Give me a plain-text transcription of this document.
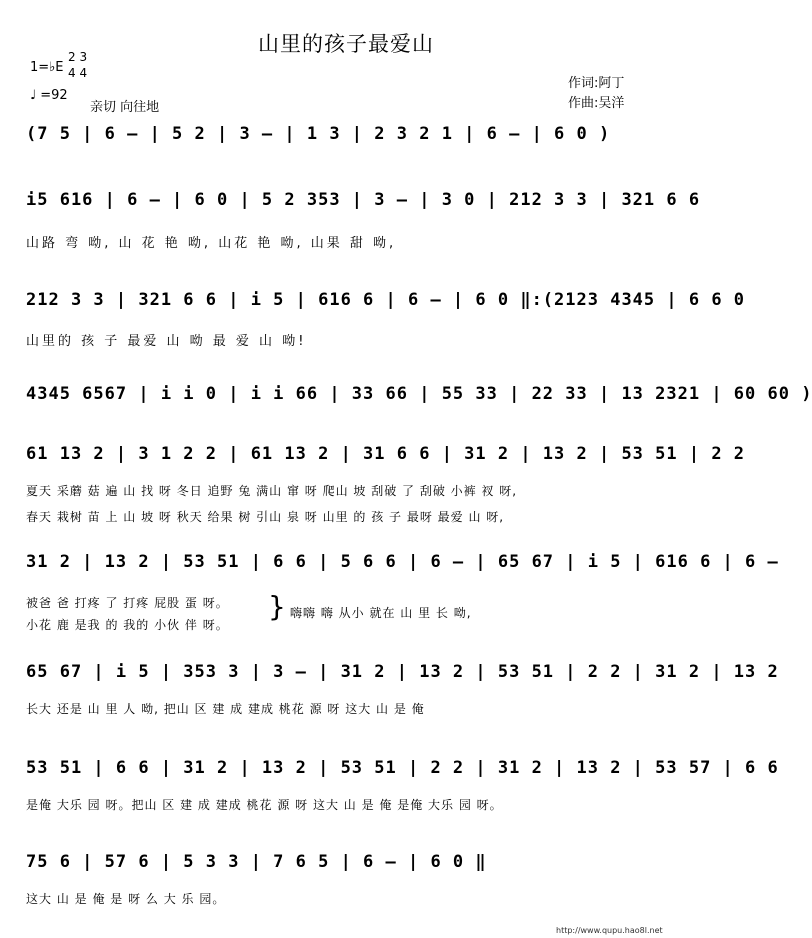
山里的孩子最爱山
1=♭E
2 3
4 4
♩ =92
亲切 向往地
作词:阿丁
作曲:吴洋
(7 5 | 6 – | 5 2 | 3 – | 1 3 | 2 3 2 1 | 6 – | 6 0 )
i5 616 | 6 – | 6 0 | 5 2 353 | 3 – | 3 0 | 212 3 3 | 321 6 6
山路 弯 呦, 山 花 艳 呦, 山花 艳 呦, 山果 甜 呦,
212 3 3 | 321 6 6 | i 5 | 616 6 | 6 – | 6 0 ‖:(2123 4345 | 6 6 0
山里的 孩 子 最爱 山 呦 最 爱 山 呦!
4345 6567 | i i 0 | i i 66 | 33 66 | 55 33 | 22 33 | 13 2321 | 60 60 )
61 13 2 | 3 1 2 2 | 61 13 2 | 31 6 6 | 31 2 | 13 2 | 53 51 | 2 2
夏天 采蘑 菇 遍 山 找 呀 冬日 追野 兔 满山 窜 呀 爬山 坡 刮破 了 刮破 小裤 衩 呀,
春天 栽树 苗 上 山 坡 呀 秋天 给果 树 引山 泉 呀 山里 的 孩 子 最呀 最爱 山 呀,
31 2 | 13 2 | 53 51 | 6 6 | 5 6 6 | 6 – | 65 67 | i 5 | 616 6 | 6 –
被爸 爸 打疼 了 打疼 屁股 蛋 呀。
小花 鹿 是我 的 我的 小伙 伴 呀。
} 嗨嗨 嗨 从小 就在 山 里 长 呦,
65 67 | i 5 | 353 3 | 3 – | 31 2 | 13 2 | 53 51 | 2 2 | 31 2 | 13 2
长大 还是 山 里 人 呦, 把山 区 建 成 建成 桃花 源 呀 这大 山 是 俺
53 51 | 6 6 | 31 2 | 13 2 | 53 51 | 2 2 | 31 2 | 13 2 | 53 57 | 6 6
是俺 大乐 园 呀。把山 区 建 成 建成 桃花 源 呀 这大 山 是 俺 是俺 大乐 园 呀。
75 6 | 57 6 | 5 3 3 | 7 6 5 | 6 – | 6 0 ‖
这大 山 是 俺 是 呀 么 大 乐 园。
http://www.qupu.hao8l.net
